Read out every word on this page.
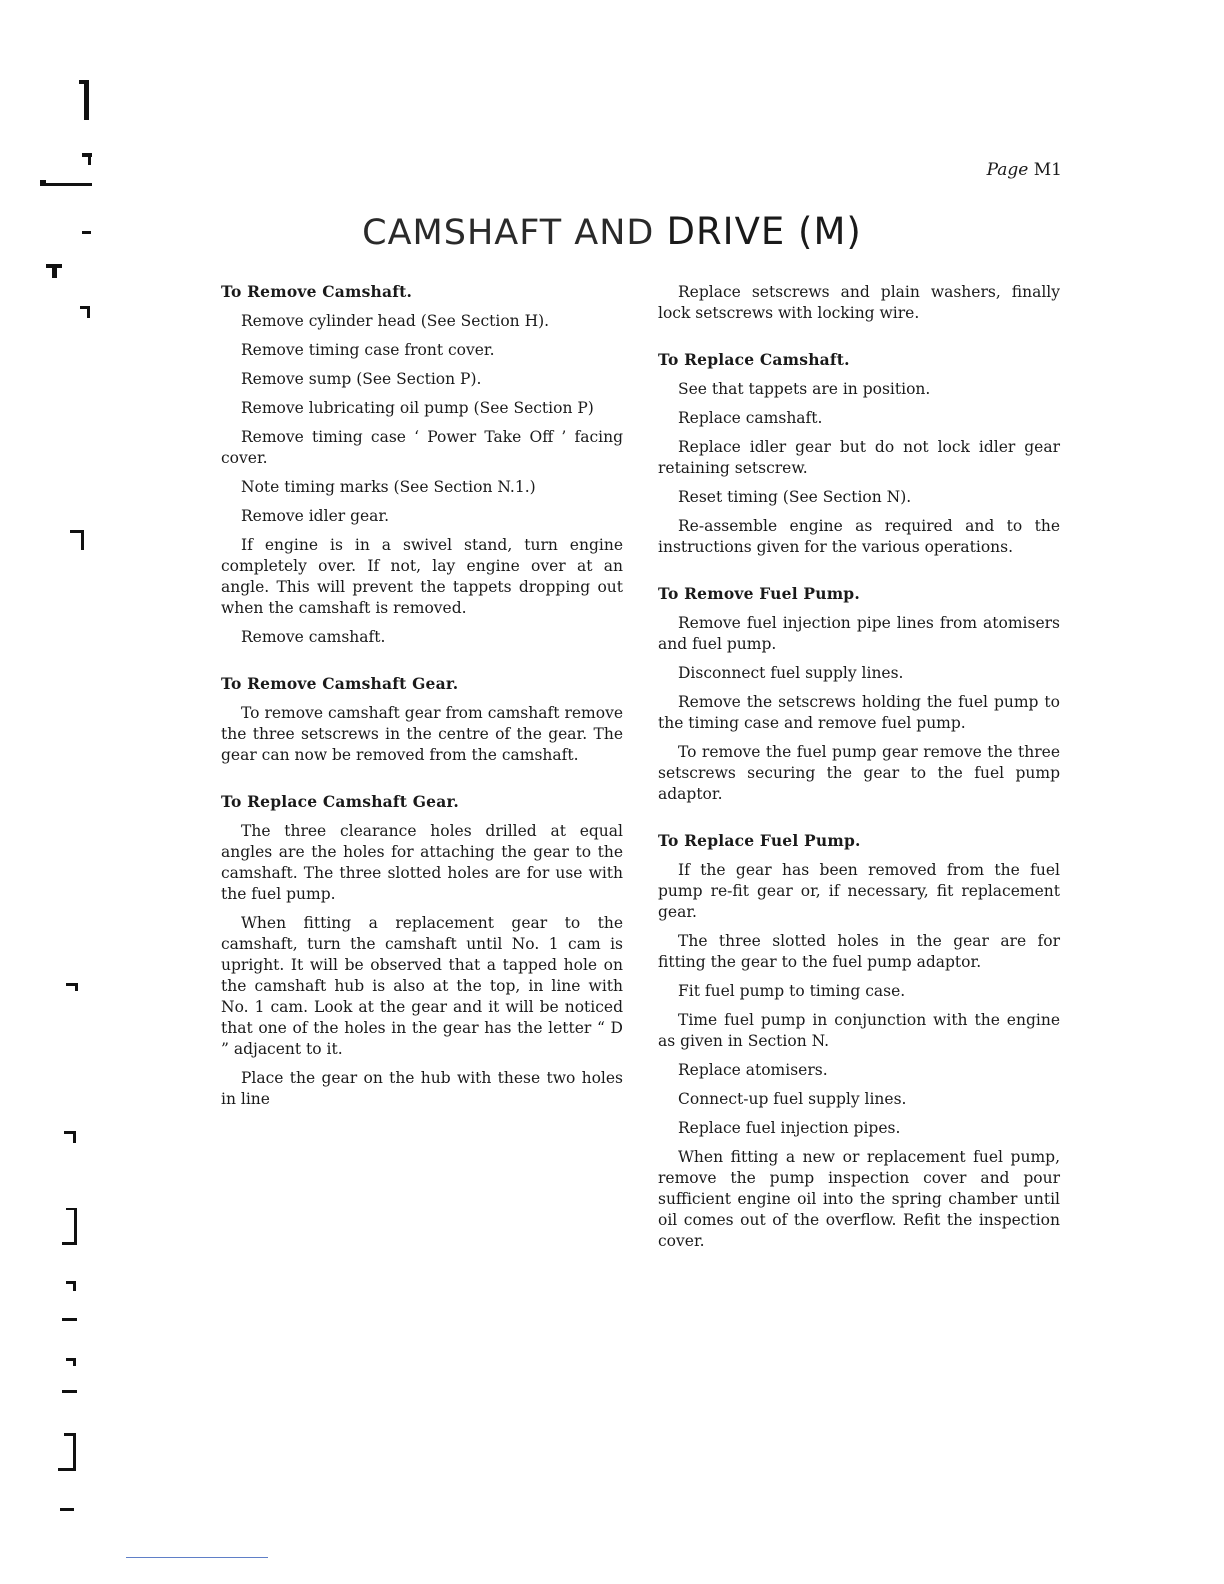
Page M1
CAMSHAFT AND DRIVE (M)
To Remove Camshaft.

Remove cylinder head (See Section H).

Remove timing case front cover.

Remove sump (See Section P).

Remove lubricating oil pump (See Section P)

Remove timing case ‘ Power Take Off ’ facing cover.

Note timing marks (See Section N.1.)

Remove idler gear.

If engine is in a swivel stand, turn engine completely over. If not, lay engine over at an angle. This will prevent the tappets dropping out when the camshaft is removed.

Remove camshaft.

To Remove Camshaft Gear.

To remove camshaft gear from camshaft remove the three setscrews in the centre of the gear. The gear can now be removed from the camshaft.

To Replace Camshaft Gear.

The three clearance holes drilled at equal angles are the holes for attaching the gear to the camshaft. The three slotted holes are for use with the fuel pump.

When fitting a replacement gear to the camshaft, turn the camshaft until No. 1 cam is upright. It will be observed that a tapped hole on the camshaft hub is also at the top, in line with No. 1 cam. Look at the gear and it will be noticed that one of the holes in the gear has the letter “ D ” adjacent to it.

Place the gear on the hub with these two holes in line

Replace setscrews and plain washers, finally lock setscrews with locking wire.

To Replace Camshaft.

See that tappets are in position.

Replace camshaft.

Replace idler gear but do not lock idler gear retaining setscrew.

Reset timing (See Section N).

Re-assemble engine as required and to the instructions given for the various operations.

To Remove Fuel Pump.

Remove fuel injection pipe lines from atomisers and fuel pump.

Disconnect fuel supply lines.

Remove the setscrews holding the fuel pump to the timing case and remove fuel pump.

To remove the fuel pump gear remove the three setscrews securing the gear to the fuel pump adaptor.

To Replace Fuel Pump.

If the gear has been removed from the fuel pump re-fit gear or, if necessary, fit replacement gear.

The three slotted holes in the gear are for fitting the gear to the fuel pump adaptor.

Fit fuel pump to timing case.

Time fuel pump in conjunction with the engine as given in Section N.

Replace atomisers.

Connect-up fuel supply lines.

Replace fuel injection pipes.

When fitting a new or replacement fuel pump, remove the pump inspection cover and pour sufficient engine oil into the spring chamber until oil comes out of the overflow. Refit the inspection cover.
